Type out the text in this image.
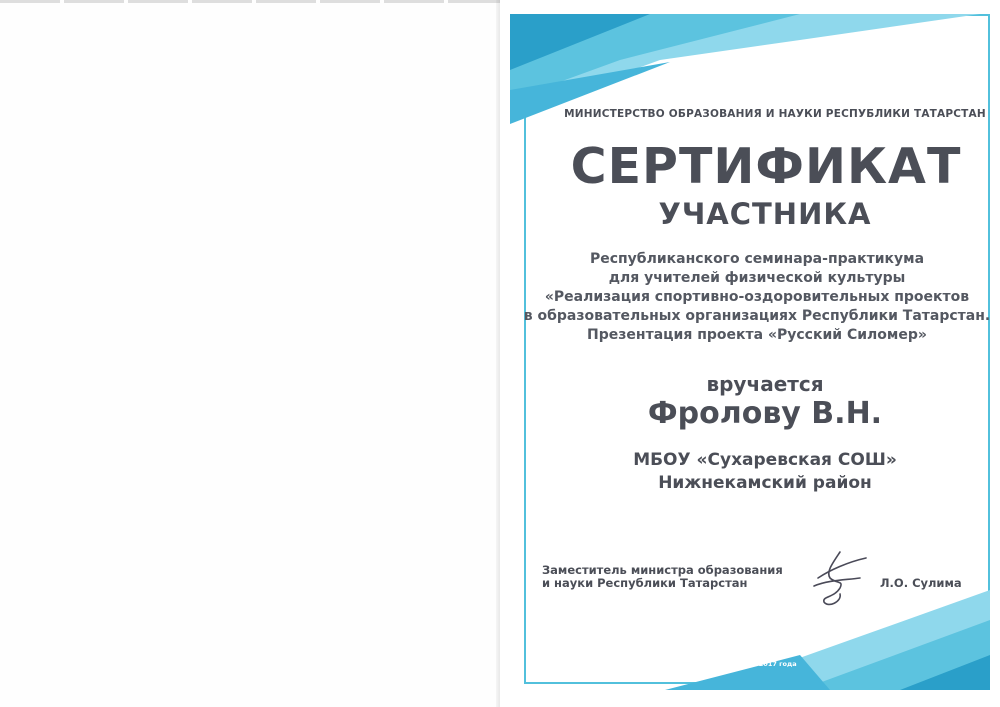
МИНИСТЕРСТВО ОБРАЗОВАНИЯ И НАУКИ РЕСПУБЛИКИ ТАТАРСТАН
СЕРТИФИКАТ
УЧАСТНИКА
Республиканского семинара-практикума
для учителей физической культуры
«Реализация спортивно-оздоровительных проектов
в образовательных организациях Республики Татарстан.
Презентация проекта «Русский Силомер»
вручается
Фролову В.Н.
МБОУ «Сухаревская СОШ»
Нижнекамский район
Заместитель министра образования
и науки Республики Татарстан	Л.О. Сулима
г. Нижнекамск
13 декабря 2017 года
